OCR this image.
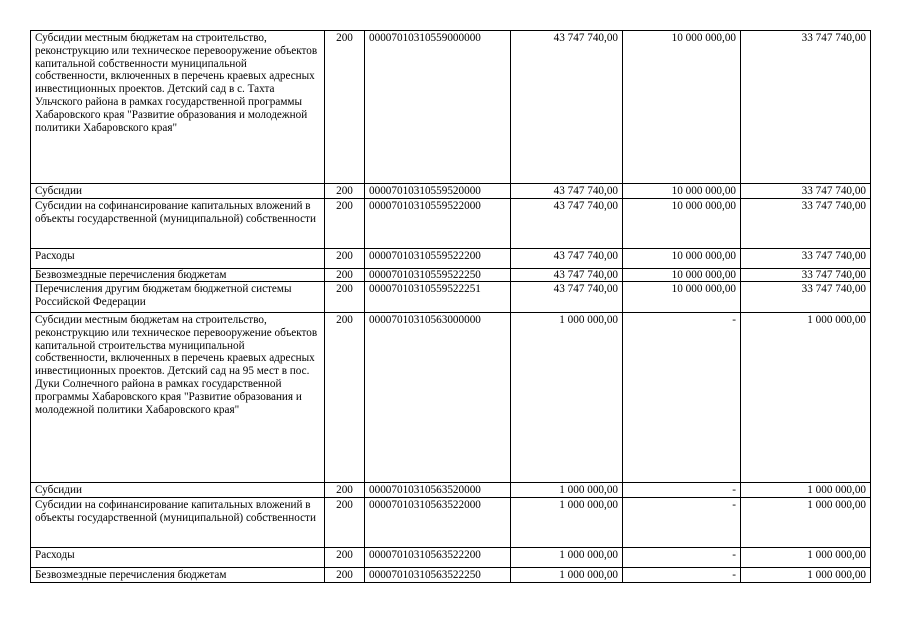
Субсидии местным бюджетам на строительство, реконструкцию или техническое перевооружение объектов капитальной собственности муниципальной собственности, включенных в перечень краевых адресных инвестиционных проектов. Детский сад в с. Тахта Ульчского района в рамках государственной программы Хабаровского края "Развитие образования и молодежной политики Хабаровского края"	200	00007010310559000000	43 747 740,00	10 000 000,00	33 747 740,00
Субсидии	200	00007010310559520000	43 747 740,00	10 000 000,00	33 747 740,00
Субсидии на софинансирование капитальных вложений в объекты государственной (муниципальной) собственности	200	00007010310559522000	43 747 740,00	10 000 000,00	33 747 740,00
Расходы	200	00007010310559522200	43 747 740,00	10 000 000,00	33 747 740,00
Безвозмездные перечисления бюджетам	200	00007010310559522250	43 747 740,00	10 000 000,00	33 747 740,00
Перечисления другим бюджетам бюджетной системы Российской Федерации	200	00007010310559522251	43 747 740,00	10 000 000,00	33 747 740,00
Субсидии местным бюджетам на строительство, реконструкцию или техническое перевооружение объектов капитальной строительства муниципальной собственности, включенных в перечень краевых адресных инвестиционных проектов. Детский сад на 95 мест в пос. Дуки Солнечного района в рамках государственной программы Хабаровского края "Развитие образования и молодежной политики Хабаровского края"	200	00007010310563000000	1 000 000,00	-	1 000 000,00
Субсидии	200	00007010310563520000	1 000 000,00	-	1 000 000,00
Субсидии на софинансирование капитальных вложений в объекты государственной (муниципальной) собственности	200	00007010310563522000	1 000 000,00	-	1 000 000,00
Расходы	200	00007010310563522200	1 000 000,00	-	1 000 000,00
Безвозмездные перечисления бюджетам	200	00007010310563522250	1 000 000,00	-	1 000 000,00
